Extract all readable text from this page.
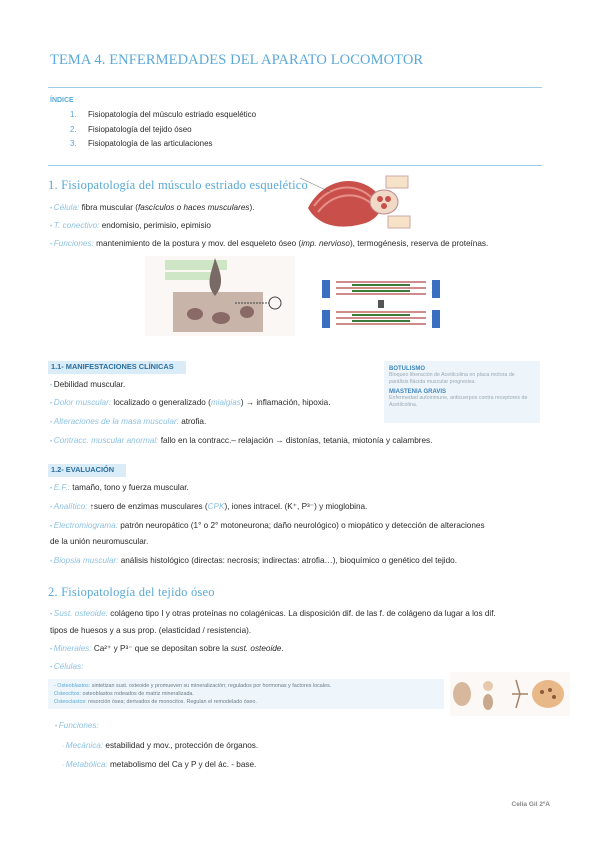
TEMA 4. ENFERMEDADES DEL APARATO LOCOMOTOR
ÍNDICE
1. Fisiopatología del músculo estriado esquelético
2. Fisiopatología del tejido óseo
3. Fisiopatología de las articulaciones
1. Fisiopatología del músculo estriado esquelético
• Célula: fibra muscular (fascículos o haces musculares).
• T. conectivo: endomisio, perimisio, epimisio
• Funciones: mantenimiento de la postura y mov. del esqueleto óseo (imp. nervioso), termogénesis, reserva de proteínas.
1.1- MANIFESTACIONES CLÍNICAS
• Debilidad muscular.
• Dolor muscular: localizado o generalizado (mialgias) → inflamación, hipoxia.
• Alteraciones de la masa muscular: atrofia.
• Contracc. muscular anormal: fallo en la contracc.– relajación → distonías, tetania, miotonía y calambres.
BOTULISMO
Bloqueo liberación de Acetilcolina en placa motora de
parálisis flácida muscular progresiva.
MIASTENIA GRAVIS
Enfermedad autoinmune, anticuerpos contra receptores de Acetilcolina.
1.2- EVALUACIÓN
• E.F.: tamaño, tono y fuerza muscular.
• Analítico: ↑suero de enzimas musculares (CPK), iones intracel. (K⁺, P³⁻) y mioglobina.
• Electromiograma: patrón neuropático (1° o 2° motoneurona; daño neurológico) o miopático y detección de alteraciones
de la unión neuromuscular.
• Biopsia muscular: análisis histológico (directas: necrosis; indirectas: atrofia…), bioquímico o genético del tejido.
2. Fisiopatología del tejido óseo
• Sust. osteoide: colágeno tipo I y otras proteínas no colagénicas. La disposición dif. de las f. de colágeno da lugar a los dif.
tipos de huesos y a sus prop. (elasticidad / resistencia).
• Minerales: Ca²⁺ y P³⁻ que se depositan sobre la sust. osteoide.
• Células:
- Osteoblastos: sintetizan sust. osteoide y promueven su mineralización; regulados por hormonas y factores locales.
Osteocitos: osteoblastos rodeados de matriz mineralizada.
Osteoclastos: resorción ósea; derivados de monocitos. Regulan el remodelado óseo.
• Funciones:
◦ Mecánica: estabilidad y mov., protección de órganos.
◦ Metabólica: metabolismo del Ca y P y del ác. - base.
Celia Gil 2ºA
